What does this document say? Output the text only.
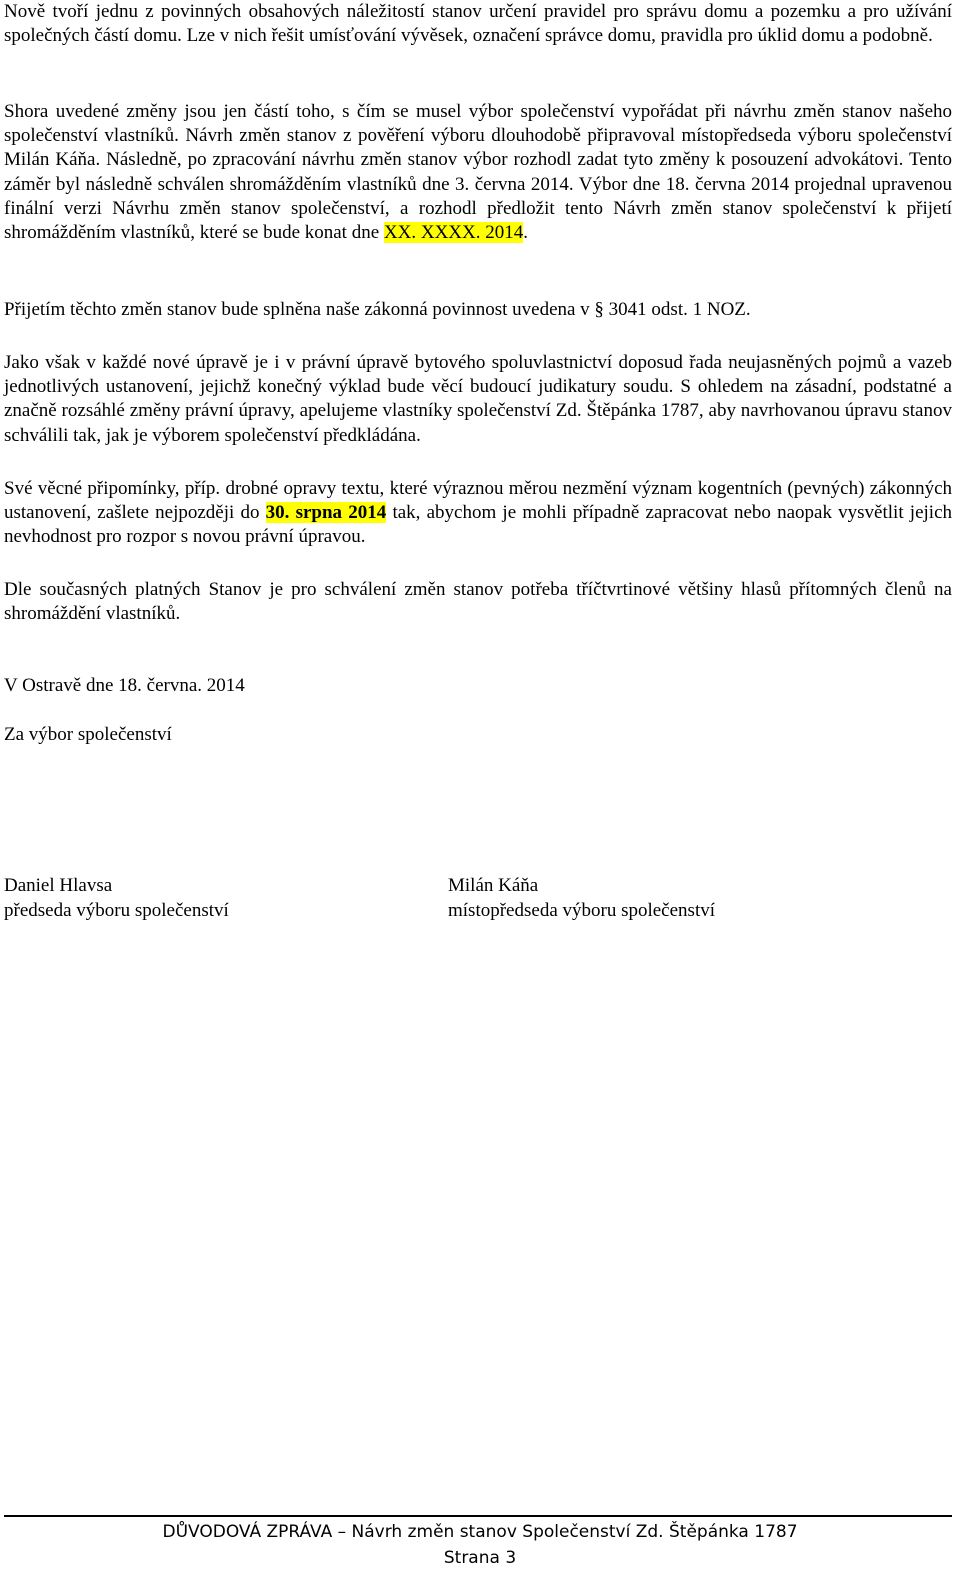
Nově tvoří jednu z povinných obsahových náležitostí stanov určení pravidel pro správu domu a pozemku a pro užívání společných částí domu. Lze v nich řešit umísťování vývěsek, označení správce domu, pravidla pro úklid domu a podobně.

Shora uvedené změny jsou jen částí toho, s čím se musel výbor společenství vypořádat při návrhu změn stanov našeho společenství vlastníků. Návrh změn stanov z pověření výboru dlouhodobě připravoval místopředseda výboru společenství Milán Káňa. Následně, po zpracování návrhu změn stanov výbor rozhodl zadat tyto změny k posouzení advokátovi. Tento záměr byl následně schválen shromážděním vlastníků dne 3. června 2014. Výbor dne 18. června 2014 projednal upravenou finální verzi Návrhu změn stanov společenství, a rozhodl předložit tento Návrh změn stanov společenství k přijetí shromážděním vlastníků, které se bude konat dne XX. XXXX. 2014.

Přijetím těchto změn stanov bude splněna naše zákonná povinnost uvedena v § 3041 odst. 1 NOZ.

Jako však v každé nové úpravě je i v právní úpravě bytového spoluvlastnictví doposud řada neujasněných pojmů a vazeb jednotlivých ustanovení, jejichž konečný výklad bude věcí budoucí judikatury soudu. S ohledem na zásadní, podstatné a značně rozsáhlé změny právní úpravy, apelujeme vlastníky společenství Zd. Štěpánka 1787, aby navrhovanou úpravu stanov schválili tak, jak je výborem společenství předkládána.

Své věcné připomínky, příp. drobné opravy textu, které výraznou měrou nezmění význam kogentních (pevných) zákonných ustanovení, zašlete nejpozději do 30. srpna 2014 tak, abychom je mohli případně zapracovat nebo naopak vysvětlit jejich nevhodnost pro rozpor s novou právní úpravou.

Dle současných platných Stanov je pro schválení změn stanov potřeba tříčtvrtinové většiny hlasů přítomných členů na shromáždění vlastníků.

V Ostravě dne 18. června. 2014

Za výbor společenství

Daniel Hlavsa
předseda výboru společenství
Milán Káňa
místopředseda výboru společenství
DŮVODOVÁ ZPRÁVA – Návrh změn stanov Společenství Zd. Štěpánka 1787
Strana 3
